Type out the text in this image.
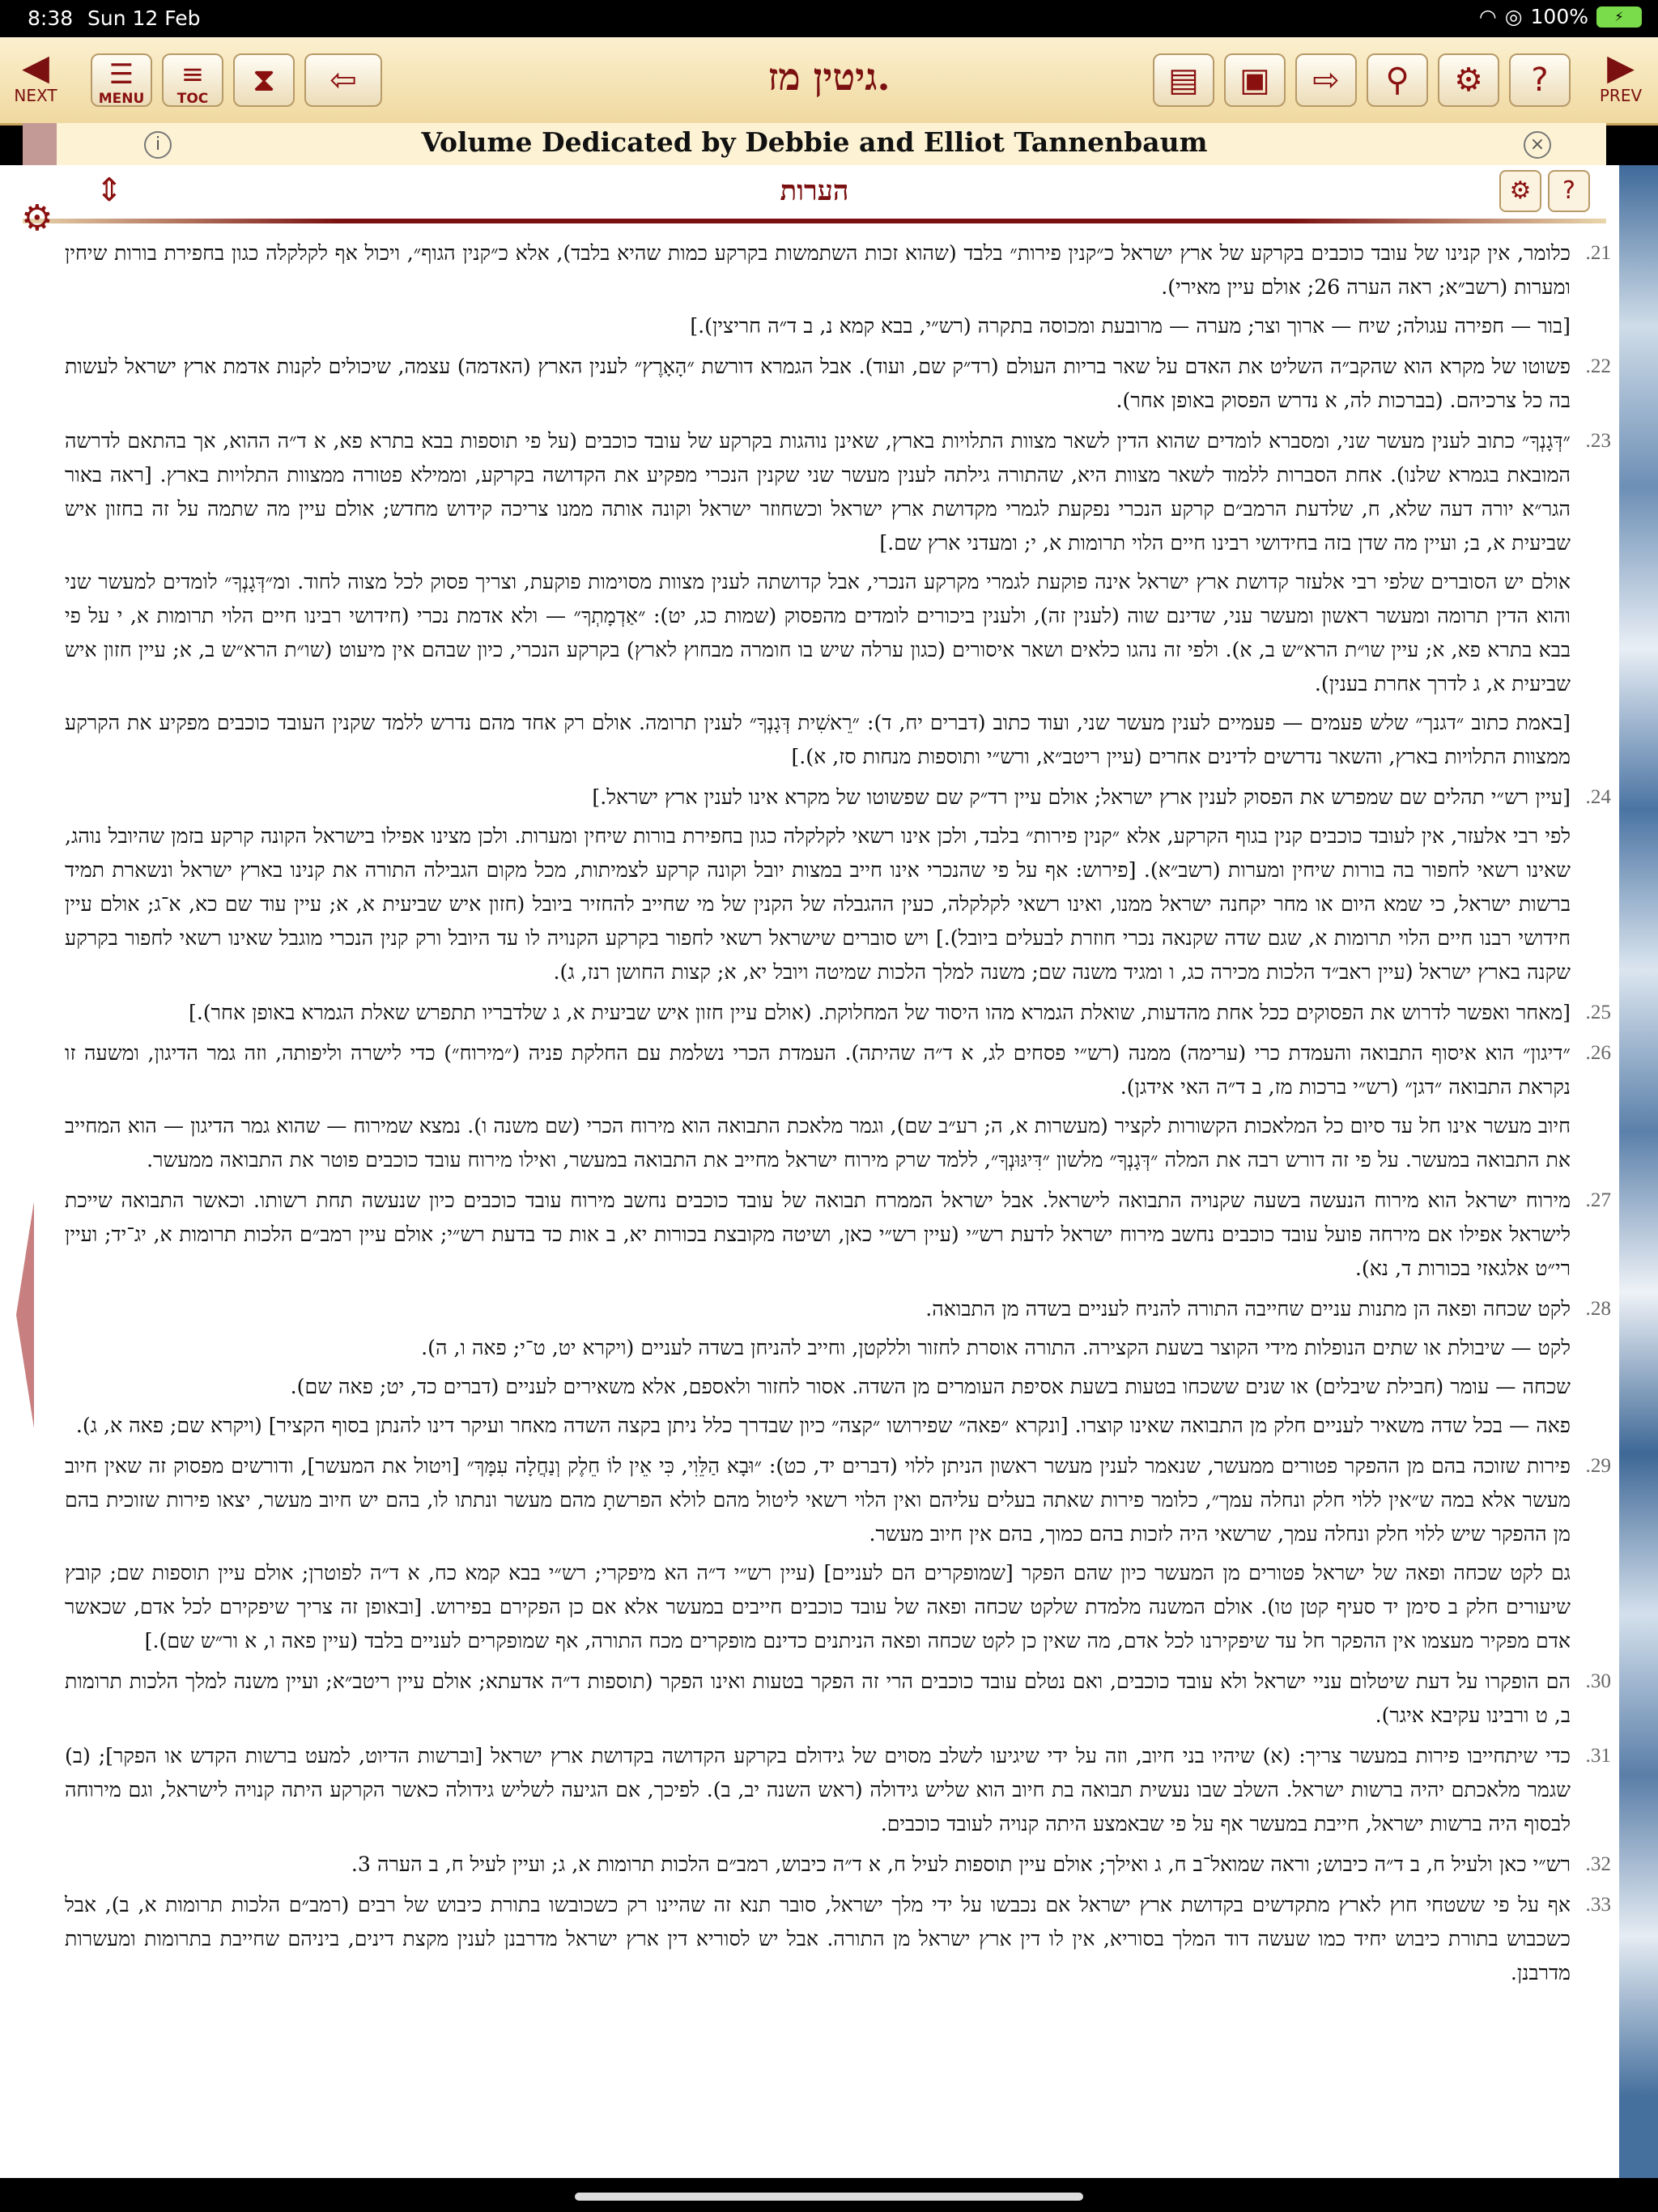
8:38 Sun 12 Feb	◠ ◎ 100%	⚡
◀
NEXT
☰
MENU
≡
TOC	⧗	⇦	גיטין מז.	▤	▣	⇨	⚲	⚙	?	▶
PREV
i	Volume Dedicated by Debbie and Elliot Tannenbaum	×
⇕	הערות	⚙	?
⚙
21.

כלומר, אין קנינו של עובד כוכבים בקרקע של ארץ ישראל כ״קנין פירות״ בלבד (שהוא זכות השתמשות בקרקע כמות שהיא בלבד), אלא כ״קנין הגוף״, ויכול אף לקלקלה כגון בחפירת בורות שיחין ומערות (רשב״א; ראה הערה 26; אולם עיין מאירי).

[בור — חפירה עגולה; שיח — ארוך וצר; מערה — מרובעת ומכוסה בתקרה (רש״י, בבא קמא נ, ב ד״ה חריצין).]

22.

פשוטו של מקרא הוא שהקב״ה השליט את האדם על שאר בריות העולם (רד״ק שם, ועוד). אבל הגמרא דורשת ״הָאָרֶץ״ לענין הארץ (האדמה) עצמה, שיכולים לקנות אדמת ארץ ישראל לעשות בה כל צרכיהם. (בברכות לה, א נדרש הפסוק באופן אחר).

23.

״דְּגָנְךָ״ כתוב לענין מעשר שני, ומסברא לומדים שהוא הדין לשאר מצוות התלויות בארץ, שאינן נוהגות בקרקע של עובד כוכבים (על פי תוספות בבא בתרא פא, א ד״ה ההוא, אך בהתאם לדרשה המובאת בגמרא שלנו). אחת הסברות ללמוד לשאר מצוות היא, שהתורה גילתה לענין מעשר שני שקנין הנכרי מפקיע את הקדושה בקרקע, וממילא פטורה ממצוות התלויות בארץ. [ראה באור הגר״א יורה דעה שלא, ח, שלדעת הרמב״ם קרקע הנכרי נפקעת לגמרי מקדושת ארץ ישראל וכשחוזר ישראל וקונה אותה ממנו צריכה קידוש מחדש; אולם עיין מה שתמה על זה בחזון איש שביעית א, ב; ועיין מה שדן בזה בחידושי רבינו חיים הלוי תרומות א, י; ומעדני ארץ שם.]

אולם יש הסוברים שלפי רבי אלעזר קדושת ארץ ישראל אינה פוקעת לגמרי מקרקע הנכרי, אבל קדושתה לענין מצוות מסוימות פוקעת, וצריך פסוק לכל מצוה לחוד. ומ״דְּגָנְךָ״ לומדים למעשר שני והוא הדין תרומה ומעשר ראשון ומעשר עני, שדינם שוה (לענין זה), ולענין ביכורים לומדים מהפסוק (שמות כג, יט): ״אַדְמָתְךָ״ — ולא אדמת נכרי (חידושי רבינו חיים הלוי תרומות א, י על פי בבא בתרא פא, א; עיין שו״ת הרא״ש ב, א). ולפי זה נהגו כלאים ושאר איסורים (כגון ערלה שיש בו חומרה מבחוץ לארץ) בקרקע הנכרי, כיון שבהם אין מיעוט (שו״ת הרא״ש ב, א; עיין חזון איש שביעית א, ג לדרך אחרת בענין).

[באמת כתוב ״דגנך״ שלש פעמים — פעמיים לענין מעשר שני, ועוד כתוב (דברים יח, ד): ״רֵאשִׁית דְּגָנְךָ״ לענין תרומה. אולם רק אחד מהם נדרש ללמד שקנין העובד כוכבים מפקיע את הקרקע ממצוות התלויות בארץ, והשאר נדרשים לדינים אחרים (עיין ריטב״א, ורש״י ותוספות מנחות סז, א).]

24.

[עיין רש״י תהלים שם שמפרש את הפסוק לענין ארץ ישראל; אולם עיין רד״ק שם שפשוטו של מקרא אינו לענין ארץ ישראל.]

לפי רבי אלעזר, אין לעובד כוכבים קנין בגוף הקרקע, אלא ״קנין פירות״ בלבד, ולכן אינו רשאי לקלקלה כגון בחפירת בורות שיחין ומערות. ולכן מצינו אפילו בישראל הקונה קרקע בזמן שהיובל נוהג, שאינו רשאי לחפור בה בורות שיחין ומערות (רשב״א). [פירוש: אף על פי שהנכרי אינו חייב במצות יובל וקונה קרקע לצמיתות, מכל מקום הגבילה התורה את קנינו בארץ ישראל ונשארת תמיד ברשות ישראל, כי שמא היום או מחר יקחנה ישראל ממנו, ואינו רשאי לקלקלה, כעין ההגבלה של הקנין של מי שחייב להחזיר ביובל (חזון איש שביעית א, א; עיין עוד שם כא, א־ג; אולם עיין חידושי רבנו חיים הלוי תרומות א, שגם שדה שקנאה נכרי חוזרת לבעלים ביובל).] ויש סוברים שישראל רשאי לחפור בקרקע הקנויה לו עד היובל ורק קנין הנכרי מוגבל שאינו רשאי לחפור בקרקע שקנה בארץ ישראל (עיין ראב״ד הלכות מכירה כג, ו ומגיד משנה שם; משנה למלך הלכות שמיטה ויובל יא, א; קצות החושן רנז, ג).

25.

[מאחר ואפשר לדרוש את הפסוקים ככל אחת מהדעות, שואלת הגמרא מהו היסוד של המחלוקת. (אולם עיין חזון איש שביעית א, ג שלדבריו תתפרש שאלת הגמרא באופן אחר).]

26.

״דיגון״ הוא איסוף התבואה והעמדת כרי (ערימה) ממנה (רש״י פסחים לג, א ד״ה שהיתה). העמדת הכרי נשלמת עם החלקת פניה (״מירוח״) כדי לישרה וליפותה, וזה גמר הדיגון, ומשעה זו נקראת התבואה ״דגן״ (רש״י ברכות מז, ב ד״ה האי אידגן).

חיוב מעשר אינו חל עד סיום כל המלאכות הקשורות לקציר (מעשרות א, ה; רע״ב שם), וגמר מלאכת התבואה הוא מירוח הכרי (שם משנה ו). נמצא שמירוח — שהוא גמר הדיגון — הוא המחייב את התבואה במעשר. על פי זה דורש רבה את המלה ״דְּגָנְךָ״ מלשון ״דִּיגּוּנְךָ״, ללמד שרק מירוח ישראל מחייב את התבואה במעשר, ואילו מירוח עובד כוכבים פוטר את התבואה ממעשר.

27.

מירוח ישראל הוא מירוח הנעשה בשעה שקנויה התבואה לישראל. אבל ישראל הממרח תבואה של עובד כוכבים נחשב מירוח עובד כוכבים כיון שנעשה תחת רשותו. וכאשר התבואה שייכת לישראל אפילו אם מירחה פועל עובד כוכבים נחשב מירוח ישראל לדעת רש״י (עיין רש״י כאן, ושיטה מקובצת בכורות יא, ב אות כד בדעת רש״י; אולם עיין רמב״ם הלכות תרומות א, יג־יד; ועיין רי״ט אלגאזי בכורות ד, נא).

28.

לקט שכחה ופאה הן מתנות עניים שחייבה התורה להניח לעניים בשדה מן התבואה.

לקט — שיבולת או שתים הנופלות מידי הקוצר בשעת הקצירה. התורה אוסרת לחזור וללקטן, וחייב להניחן בשדה לעניים (ויקרא יט, ט־י; פאה ו, ה).

שכחה — עומר (חבילת שיבלים) או שנים ששכחו בטעות בשעת אסיפת העומרים מן השדה. אסור לחזור ולאספם, אלא משאירים לעניים (דברים כד, יט; פאה שם).

פאה — בכל שדה משאיר לעניים חלק מן התבואה שאינו קוצרו. [ונקרא ״פאה״ שפירושו ״קצה״ כיון שבדרך כלל ניתן בקצה השדה מאחר ועיקר דינו להנתן בסוף הקציר] (ויקרא שם; פאה א, ג).

29.

פירות שזוכה בהם מן ההפקר פטורים ממעשר, שנאמר לענין מעשר ראשון הניתן ללוי (דברים יד, כט): ״וּבָא הַלֵּוִי, כִּי אֵין לוֹ חֵלֶק וְנַחֲלָה עִמָּךְ״ [ויטול את המעשר], ודורשים מפסוק זה שאין חיוב מעשר אלא במה ש״אין ללוי חלק ונחלה עמך״, כלומר פירות שאתה בעלים עליהם ואין הלוי רשאי ליטול מהם לולא הפרשתָ מהם מעשר ונתתו לו, בהם יש חיוב מעשר, יצאו פירות שזוכית בהם מן ההפקר שיש ללוי חלק ונחלה עמך, שרשאי היה לזכות בהם כמוך, בהם אין חיוב מעשר.

גם לקט שכחה ופאה של ישראל פטורים מן המעשר כיון שהם הפקר [שמופקרים הם לעניים] (עיין רש״י ד״ה הא מיפקרי; רש״י בבא קמא כח, א ד״ה לפוטרן; אולם עיין תוספות שם; קובץ שיעורים חלק ב סימן יד סעיף קטן טו). אולם המשנה מלמדת שלקט שכחה ופאה של עובד כוכבים חייבים במעשר אלא אם כן הפקירם בפירוש. [ובאופן זה צריך שיפקירם לכל אדם, שכאשר אדם מפקיר מעצמו אין ההפקר חל עד שיפקירנו לכל אדם, מה שאין כן לקט שכחה ופאה הניתנים כדינם מופקרים מכח התורה, אף שמופקרים לעניים בלבד (עיין פאה ו, א ור״ש שם).]

30.

הם הופקרו על דעת שיטלום עניי ישראל ולא עובד כוכבים, ואם נטלם עובד כוכבים הרי זה הפקר בטעות ואינו הפקר (תוספות ד״ה אדעתא; אולם עיין ריטב״א; ועיין משנה למלך הלכות תרומות ב, ט ורבינו עקיבא איגר).

31.

כדי שיתחייבו פירות במעשר צריך: (א) שיהיו בני חיוב, וזה על ידי שיגיעו לשלב מסוים של גידולם בקרקע הקדושה בקדושת ארץ ישראל [וברשות הדיוט, למעט ברשות הקדש או הפקר]; (ב) שגמר מלאכתם יהיה ברשות ישראל. השלב שבו נעשית תבואה בת חיוב הוא שליש גידולה (ראש השנה יב, ב). לפיכך, אם הגיעה לשליש גידולה כאשר הקרקע היתה קנויה לישראל, וגם מירוחה לבסוף היה ברשות ישראל, חייבת במעשר אף על פי שבאמצע היתה קנויה לעובד כוכבים.

32.

רש״י כאן ולעיל ח, ב ד״ה כיבוש; וראה שמואל־ב ח, ג ואילך; אולם עיין תוספות לעיל ח, א ד״ה כיבוש, רמב״ם הלכות תרומות א, ג; ועיין לעיל ח, ב הערה 3.

33.

אף על פי ששטחי חוץ לארץ מתקדשים בקדושת ארץ ישראל אם נכבשו על ידי מלך ישראל, סובר תנא זה שהיינו רק כשכובשו בתורת כיבוש של רבים (רמב״ם הלכות תרומות א, ב), אבל כשכבוש בתורת כיבוש יחיד כמו שעשה דוד המלך בסוריא, אין לו דין ארץ ישראל מן התורה. אבל יש לסוריא דין ארץ ישראל מדרבנן לענין מקצת דינים, ביניהם שחייבת בתרומות ומעשרות מדרבנן.
